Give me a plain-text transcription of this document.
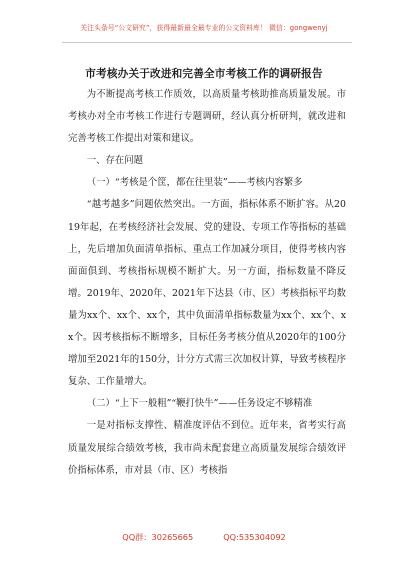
关注头条号“公文研究”，获得最新最全最专业的公文资料库！ 微信：gongwenyj
市考核办关于改进和完善全市考核工作的调研报告

为不断提高考核工作质效，以高质量考核助推高质量发展。市考核办对全市考核工作进行专题调研，经认真分析研判，就改进和完善考核工作提出对策和建议。

一、存在问题

（一）“考核是个筐，都在往里装”——考核内容繁多

“越考越多”问题依然突出。一方面，指标体系不断扩容。从2019年起，在考核经济社会发展、党的建设、专项工作等指标的基础上，先后增加负面清单指标、重点工作加减分项目，使得考核内容面面俱到、考核指标规模不断扩大。另一方面，指标数量不降反增。2019年、2020年、2021年下达县（市、区）考核指标平均数量为xx个、xx个、xx个，其中负面清单指标数量为xx个、xx个、xx个。因考核指标不断增多，目标任务考核分值从2020年的100分增加至2021年的150分，计分方式需三次加权计算，导致考核程序复杂、工作量增大。

（二）“上下一般粗”“鞭打快牛”——任务设定不够精准

一是对指标支撑性、精准度评估不到位。近年来，省考实行高质量发展综合绩效考核，我市尚未配套建立高质量发展综合绩效评价指标体系，市对县（市、区）考核指

QQ群：30265665	QQ:535304092
